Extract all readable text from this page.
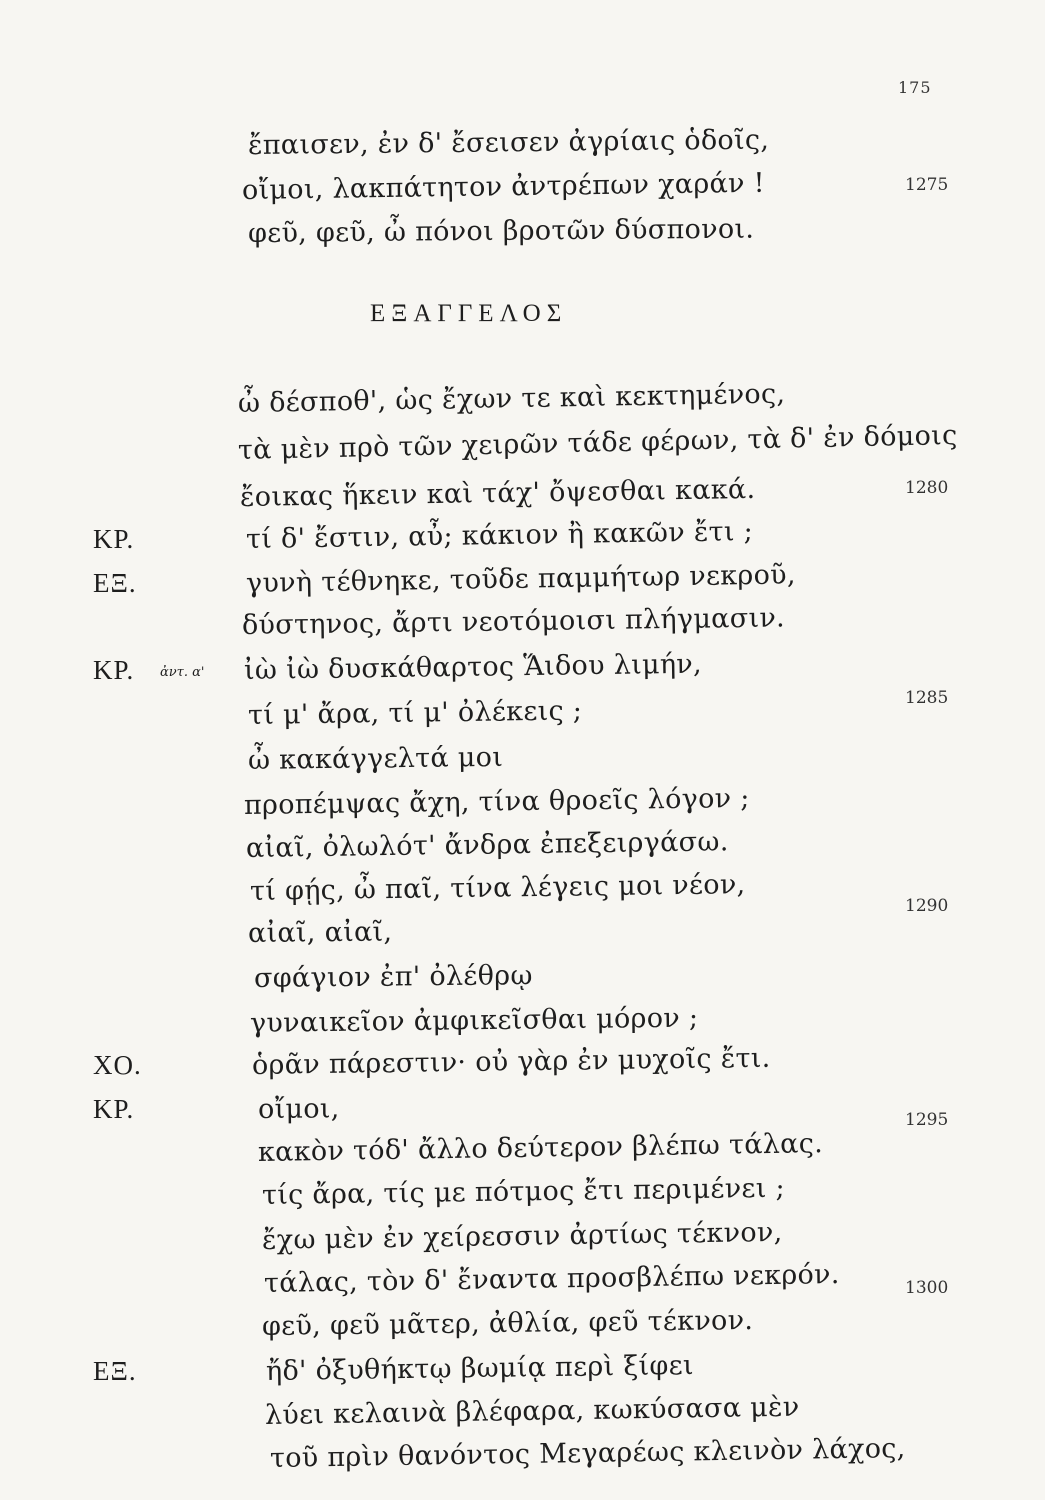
175
ΕΞΑΓΓΕΛΟΣ
ἔπαισεν, ἐν δ' ἔσεισεν ἀγρίαις ὁδοῖς,
οἴμοι, λακπάτητον ἀντρέπων χαράν !	1275
φεῦ, φεῦ, ὦ πόνοι βροτῶν δύσπονοι.
ὦ δέσποθ', ὡς ἔχων τε καὶ κεκτημένος,
τὰ μὲν πρὸ τῶν χειρῶν τάδε φέρων, τὰ δ' ἐν δόμοις
ἔοικας ἥκειν καὶ τάχ' ὄψεσθαι κακά.	1280
ΚΡ.	τί δ' ἔστιν, αὖ; κάκιον ἢ κακῶν ἔτι ;
ΕΞ.	γυνὴ τέθνηκε, τοῦδε παμμήτωρ νεκροῦ,
δύστηνος, ἄρτι νεοτόμοισι πλήγμασιν.
ΚΡ. ἀντ. α' ἰὼ ἰὼ δυσκάθαρτος Ἅιδου λιμήν,
τί μ' ἄρα, τί μ' ὀλέκεις ;	1285
ὦ κακάγγελτά μοι
προπέμψας ἄχη, τίνα θροεῖς λόγον ;
αἰαῖ, ὀλωλότ' ἄνδρα ἐπεξειργάσω.
τί φῄς, ὦ παῖ, τίνα λέγεις μοι νέον,
αἰαῖ, αἰαῖ,
1290
σφάγιον ἐπ' ὀλέθρῳ
γυναικεῖον ἀμφικεῖσθαι μόρον ;
ΧΟ.	ὁρᾶν πάρεστιν· οὐ γὰρ ἐν μυχοῖς ἔτι.
ΚΡ.	οἴμοι,
κακὸν τόδ' ἄλλο δεύτερον βλέπω τάλας.
1295
τίς ἄρα, τίς με πότμος ἔτι περιμένει ;
ἔχω μὲν ἐν χείρεσσιν ἀρτίως τέκνον,
τάλας, τὸν δ' ἔναντα προσβλέπω νεκρόν.
φεῦ, φεῦ μᾶτερ, ἀθλία, φεῦ τέκνον.
1300
ΕΞ.	ἤδ' ὀξυθήκτῳ βωμίᾳ περὶ ξίφει
λύει κελαινὰ βλέφαρα, κωκύσασα μὲν
τοῦ πρὶν θανόντος Μεγαρέως κλεινὸν λάχος,
